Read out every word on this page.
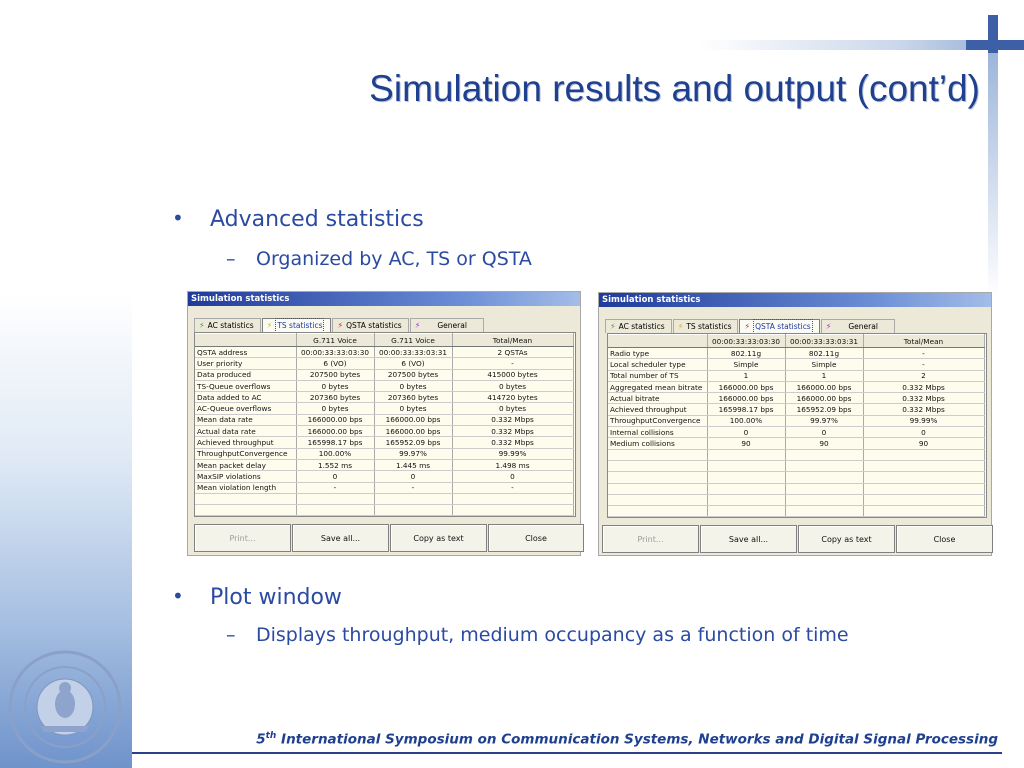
Simulation results and output (cont’d)
• Advanced statistics
– Organized by AC, TS or QSTA
Simulation statistics
⚡ AC statistics ⚡ TS statistics ⚡ QSTA statistics ⚡ General
	G.711 Voice	G.711 Voice	Total/Mean
QSTA address	00:00:33:33:03:30	00:00:33:33:03:31	2 QSTAs
User priority	6 (VO)	6 (VO)	-
Data produced	207500 bytes	207500 bytes	415000 bytes
TS-Queue overflows	0 bytes	0 bytes	0 bytes
Data added to AC	207360 bytes	207360 bytes	414720 bytes
AC-Queue overflows	0 bytes	0 bytes	0 bytes
Mean data rate	166000.00 bps	166000.00 bps	0.332 Mbps
Actual data rate	166000.00 bps	166000.00 bps	0.332 Mbps
Achieved throughput	165998.17 bps	165952.09 bps	0.332 Mbps
ThroughputConvergence	100.00%	99.97%	99.99%
Mean packet delay	1.552 ms	1.445 ms	1.498 ms
MaxSIP violations	0	0	0
Mean violation length	-	-	-

Print...	Save all...	Copy as text	Close
Simulation statistics
⚡ AC statistics ⚡ TS statistics ⚡ QSTA statistics ⚡ General
	00:00:33:33:03:30	00:00:33:33:03:31	Total/Mean
Radio type	802.11g	802.11g	-
Local scheduler type	Simple	Simple	-
Total number of TS	1	1	2
Aggregated mean bitrate	166000.00 bps	166000.00 bps	0.332 Mbps
Actual bitrate	166000.00 bps	166000.00 bps	0.332 Mbps
Achieved throughput	165998.17 bps	165952.09 bps	0.332 Mbps
ThroughputConvergence	100.00%	99.97%	99.99%
Internal collisions	0	0	0
Medium collisions	90	90	90

Print...	Save all...	Copy as text	Close
• Plot window
– Displays throughput, medium occupancy as a function of time
5th International Symposium on Communication Systems, Networks and Digital Signal Processing
